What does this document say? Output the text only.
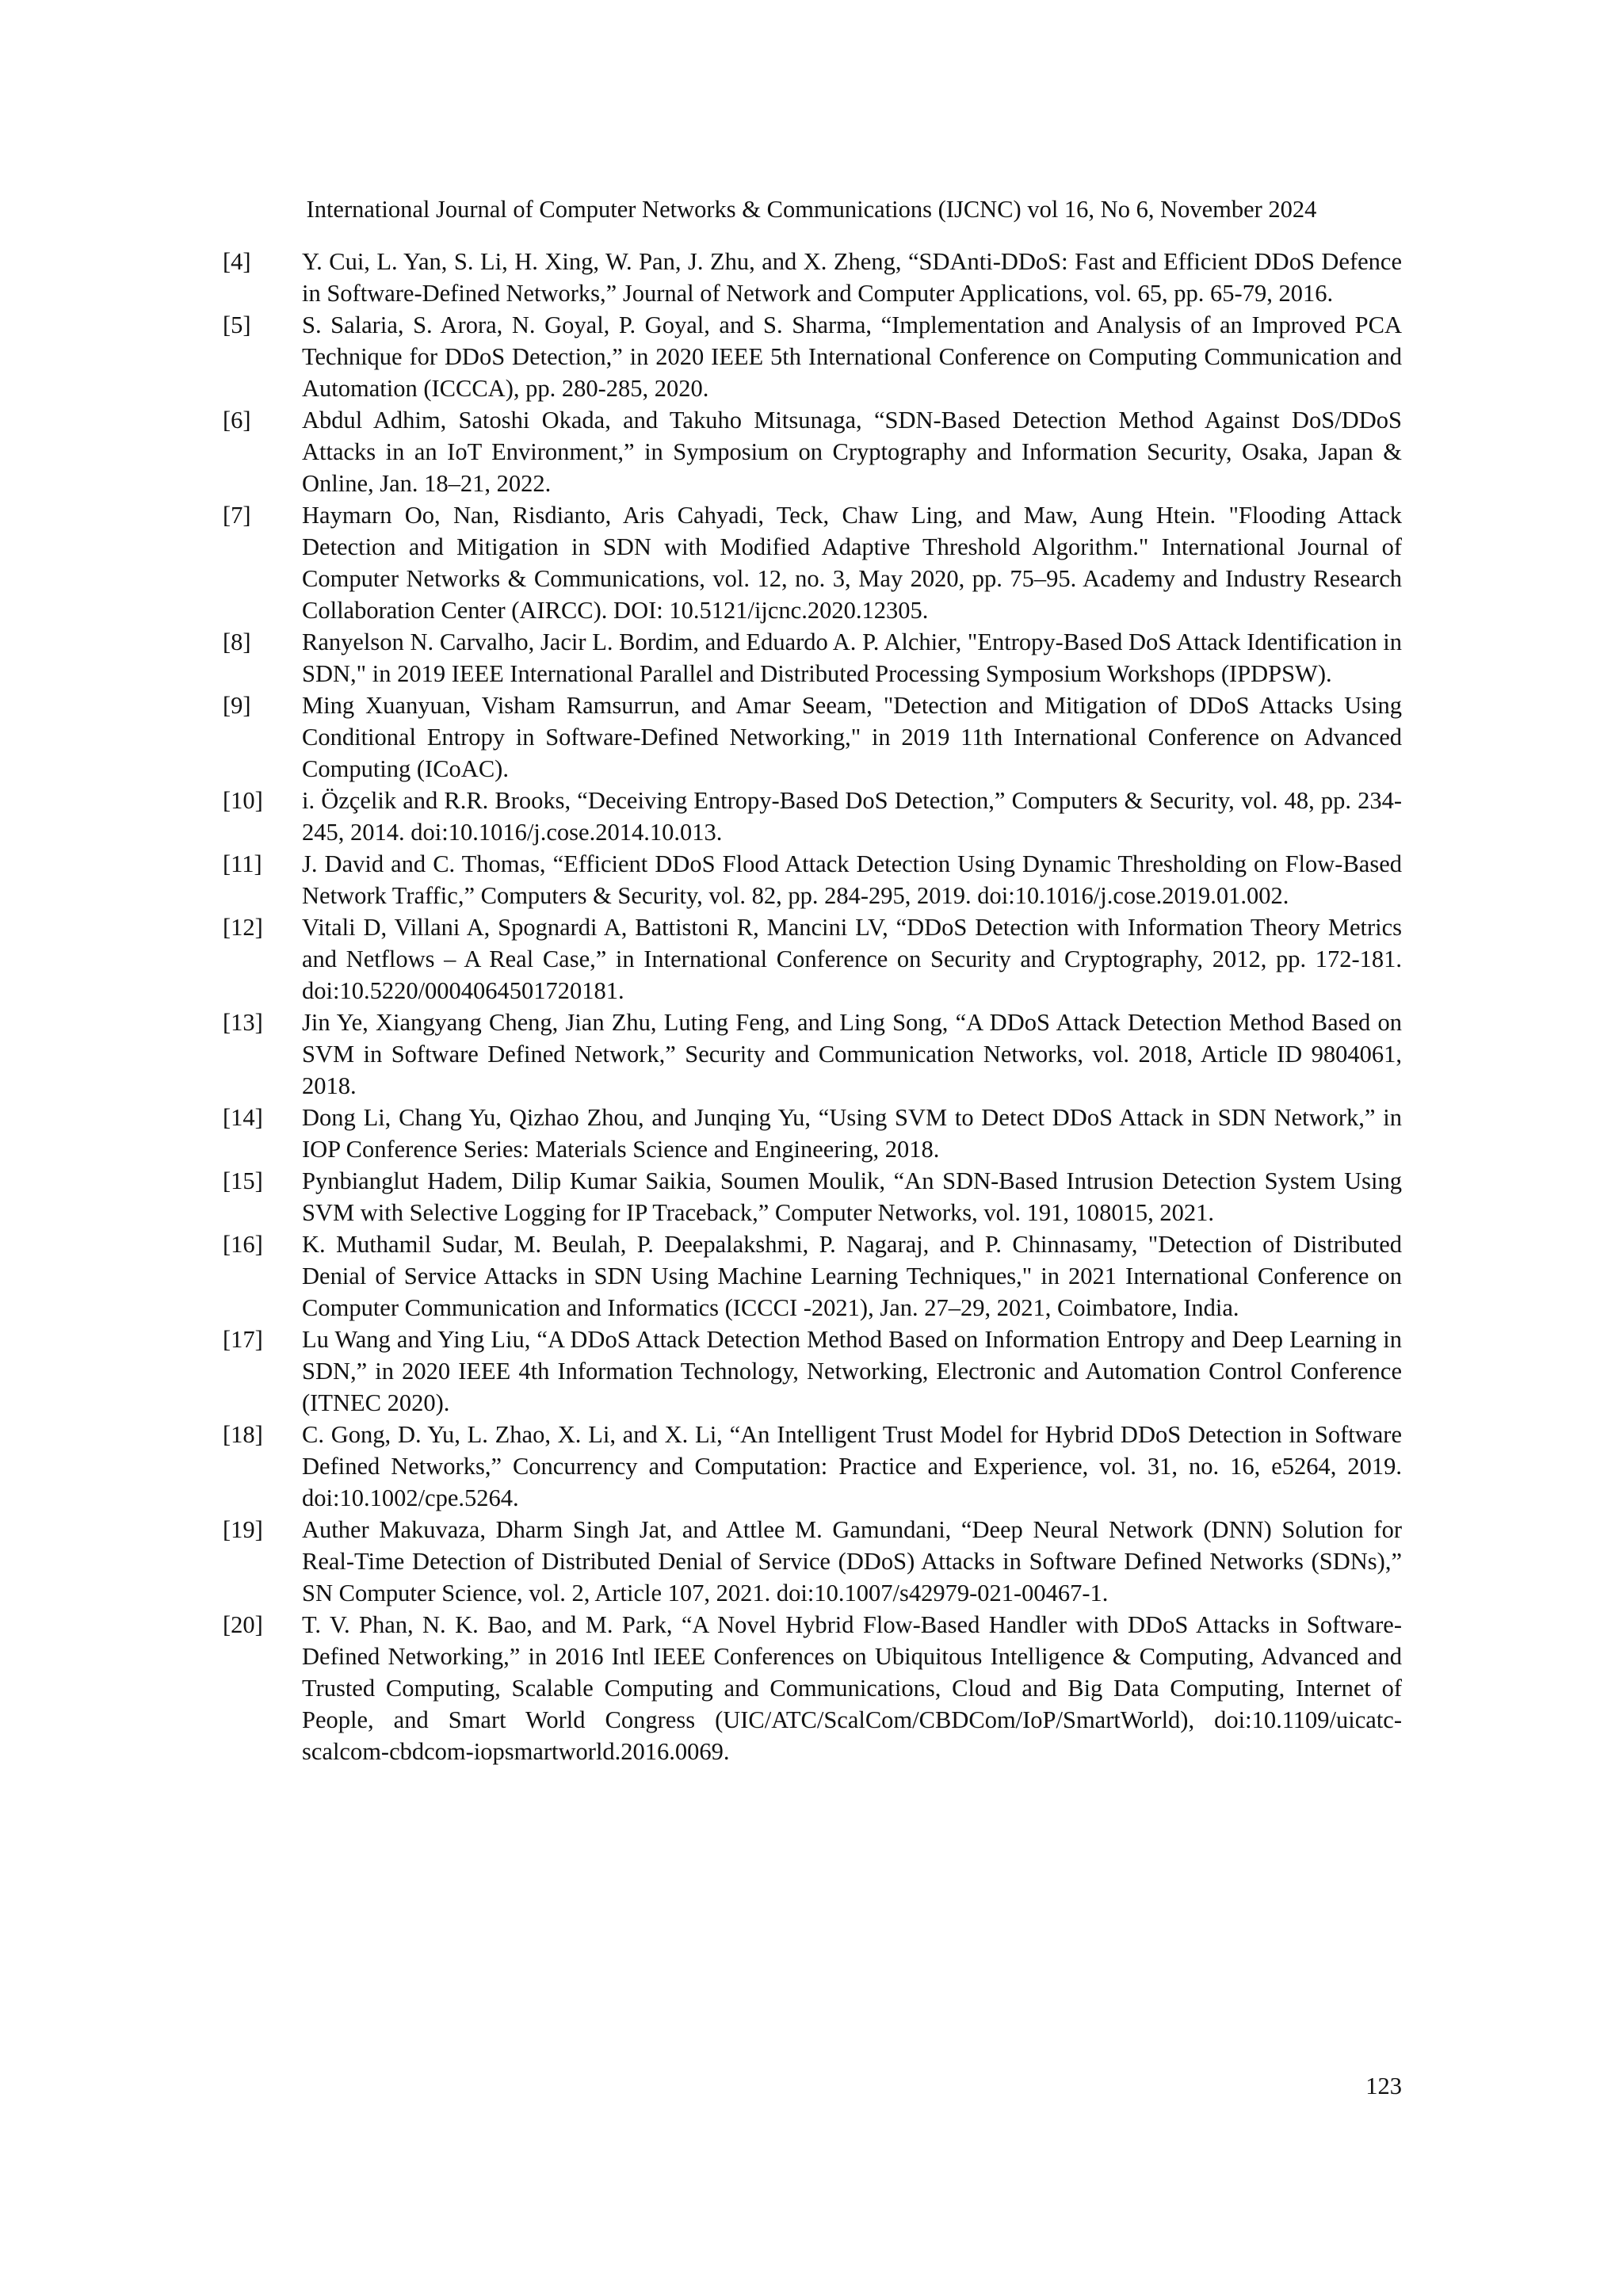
International Journal of Computer Networks & Communications (IJCNC) vol 16, No 6, November 2024
[4]	Y. Cui, L. Yan, S. Li, H. Xing, W. Pan, J. Zhu, and X. Zheng, “SDAnti-DDoS: Fast and Efficient DDoS Defence in Software-Defined Networks,” Journal of Network and Computer Applications, vol. 65, pp. 65-79, 2016.
[5]	S. Salaria, S. Arora, N. Goyal, P. Goyal, and S. Sharma, “Implementation and Analysis of an Improved PCA Technique for DDoS Detection,” in 2020 IEEE 5th International Conference on Computing Communication and Automation (ICCCA), pp. 280-285, 2020.
[6]	Abdul Adhim, Satoshi Okada, and Takuho Mitsunaga, “SDN-Based Detection Method Against DoS/DDoS Attacks in an IoT Environment,” in Symposium on Cryptography and Information Security, Osaka, Japan & Online, Jan. 18–21, 2022.
[7]	Haymarn Oo, Nan, Risdianto, Aris Cahyadi, Teck, Chaw Ling, and Maw, Aung Htein. "Flooding Attack Detection and Mitigation in SDN with Modified Adaptive Threshold Algorithm." International Journal of Computer Networks & Communications, vol. 12, no. 3, May 2020, pp. 75–95. Academy and Industry Research Collaboration Center (AIRCC). DOI: 10.5121/ijcnc.2020.12305.
[8]	Ranyelson N. Carvalho, Jacir L. Bordim, and Eduardo A. P. Alchier, "Entropy-Based DoS Attack Identification in SDN," in 2019 IEEE International Parallel and Distributed Processing Symposium Workshops (IPDPSW).
[9]	Ming Xuanyuan, Visham Ramsurrun, and Amar Seeam, "Detection and Mitigation of DDoS Attacks Using Conditional Entropy in Software-Defined Networking," in 2019 11th International Conference on Advanced Computing (ICoAC).
[10]	i. Özçelik and R.R. Brooks, “Deceiving Entropy-Based DoS Detection,” Computers & Security, vol. 48, pp. 234-245, 2014. doi:10.1016/j.cose.2014.10.013.
[11]	J. David and C. Thomas, “Efficient DDoS Flood Attack Detection Using Dynamic Thresholding on Flow-Based Network Traffic,” Computers & Security, vol. 82, pp. 284-295, 2019. doi:10.1016/j.cose.2019.01.002.
[12]	Vitali D, Villani A, Spognardi A, Battistoni R, Mancini LV, “DDoS Detection with Information Theory Metrics and Netflows – A Real Case,” in International Conference on Security and Cryptography, 2012, pp. 172-181. doi:10.5220/0004064501720181.
[13]	Jin Ye, Xiangyang Cheng, Jian Zhu, Luting Feng, and Ling Song, “A DDoS Attack Detection Method Based on SVM in Software Defined Network,” Security and Communication Networks, vol. 2018, Article ID 9804061, 2018.
[14]	Dong Li, Chang Yu, Qizhao Zhou, and Junqing Yu, “Using SVM to Detect DDoS Attack in SDN Network,” in IOP Conference Series: Materials Science and Engineering, 2018.
[15]	Pynbianglut Hadem, Dilip Kumar Saikia, Soumen Moulik, “An SDN-Based Intrusion Detection System Using SVM with Selective Logging for IP Traceback,” Computer Networks, vol. 191, 108015, 2021.
[16]	K. Muthamil Sudar, M. Beulah, P. Deepalakshmi, P. Nagaraj, and P. Chinnasamy, "Detection of Distributed Denial of Service Attacks in SDN Using Machine Learning Techniques," in 2021 International Conference on Computer Communication and Informatics (ICCCI -2021), Jan. 27–29, 2021, Coimbatore, India.
[17]	Lu Wang and Ying Liu, “A DDoS Attack Detection Method Based on Information Entropy and Deep Learning in SDN,” in 2020 IEEE 4th Information Technology, Networking, Electronic and Automation Control Conference (ITNEC 2020).
[18]	C. Gong, D. Yu, L. Zhao, X. Li, and X. Li, “An Intelligent Trust Model for Hybrid DDoS Detection in Software Defined Networks,” Concurrency and Computation: Practice and Experience, vol. 31, no. 16, e5264, 2019. doi:10.1002/cpe.5264.
[19]	Auther Makuvaza, Dharm Singh Jat, and Attlee M. Gamundani, “Deep Neural Network (DNN) Solution for Real-Time Detection of Distributed Denial of Service (DDoS) Attacks in Software Defined Networks (SDNs),” SN Computer Science, vol. 2, Article 107, 2021. doi:10.1007/s42979-021-00467-1.
[20]	T. V. Phan, N. K. Bao, and M. Park, “A Novel Hybrid Flow-Based Handler with DDoS Attacks in Software-Defined Networking,” in 2016 Intl IEEE Conferences on Ubiquitous Intelligence & Computing, Advanced and Trusted Computing, Scalable Computing and Communications, Cloud and Big Data Computing, Internet of People, and Smart World Congress (UIC/ATC/ScalCom/CBDCom/IoP/SmartWorld), doi:10.1109/uicatc-scalcom-cbdcom-iopsmartworld.2016.0069.
123
